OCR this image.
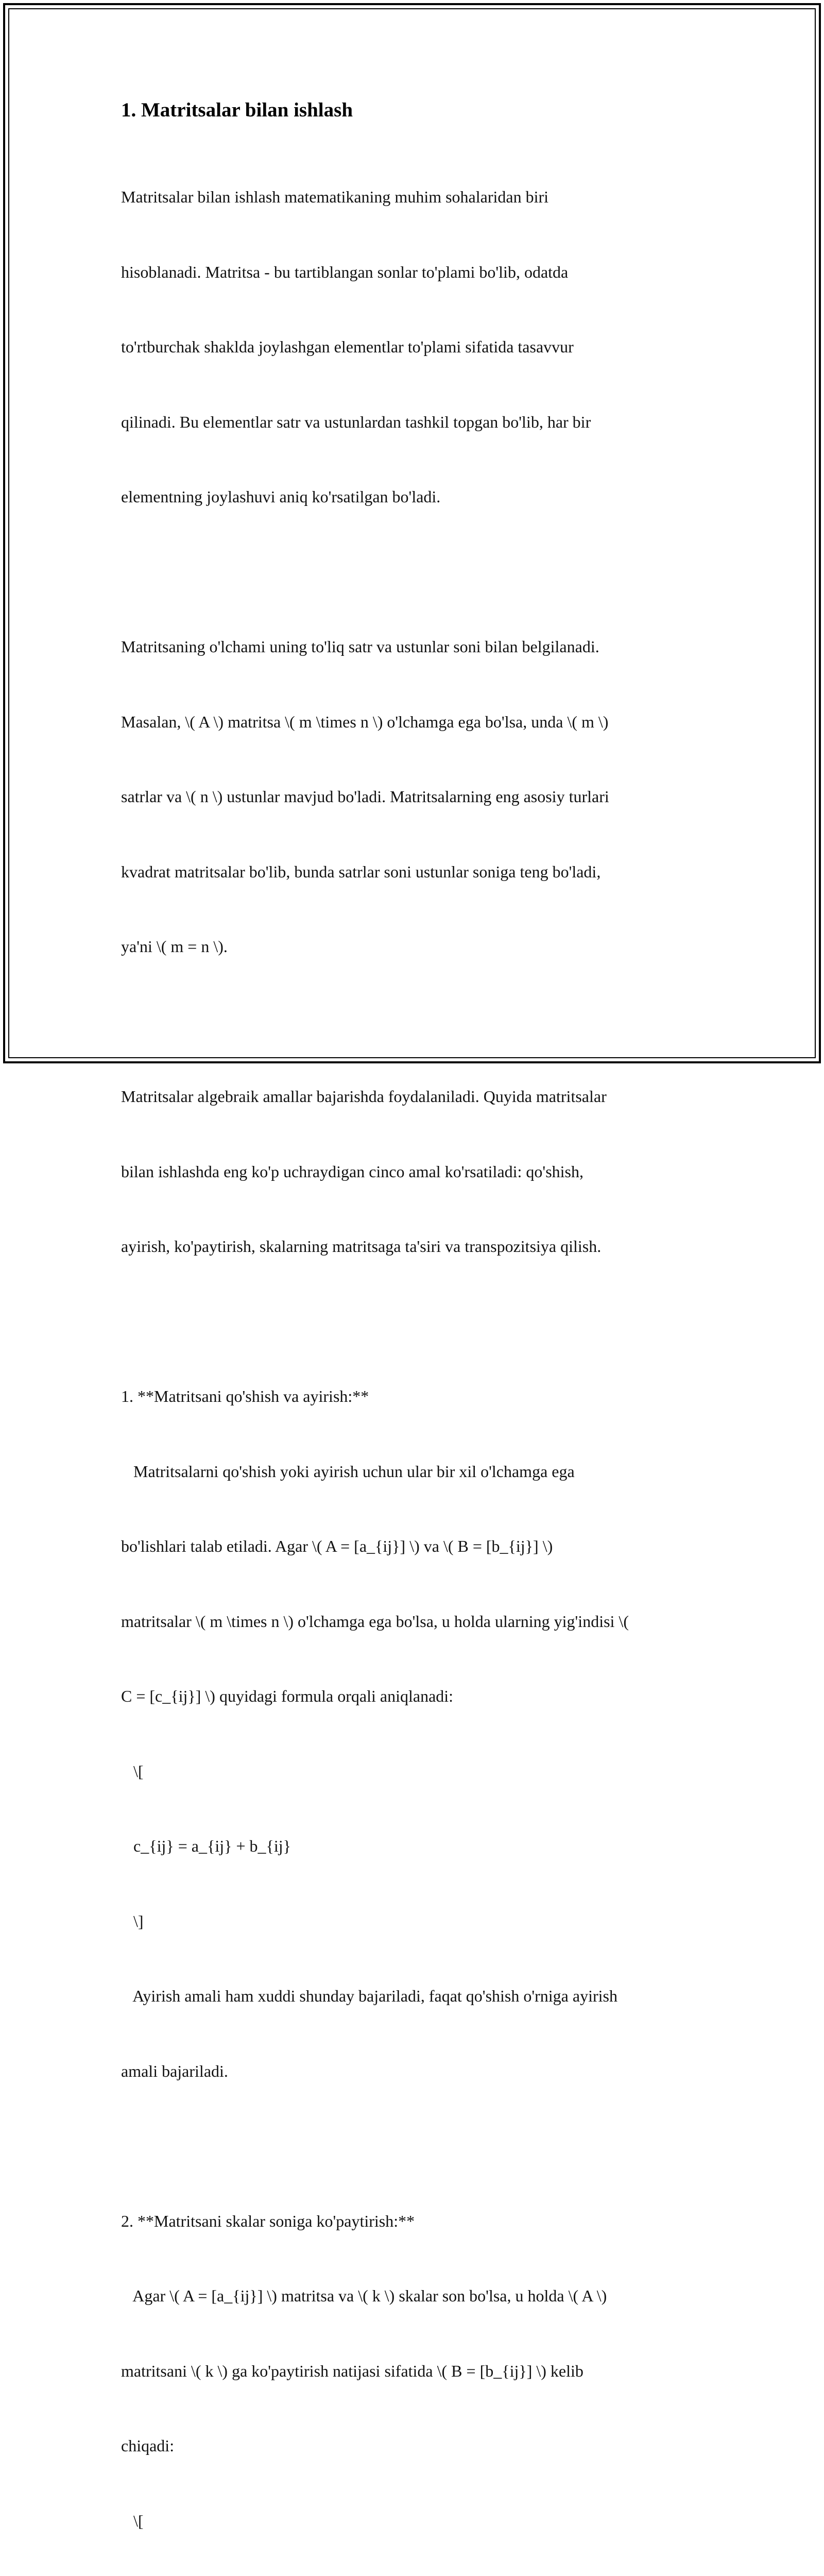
1. Matritsalar bilan ishlash

Matritsalar bilan ishlash matematikaning muhim sohalaridan biri

hisoblanadi. Matritsa - bu tartiblangan sonlar to'plami bo'lib, odatda

to'rtburchak shaklda joylashgan elementlar to'plami sifatida tasavvur

qilinadi. Bu elementlar satr va ustunlardan tashkil topgan bo'lib, har bir

elementning joylashuvi aniq ko'rsatilgan bo'ladi.

Matritsaning o'lchami uning to'liq satr va ustunlar soni bilan belgilanadi.

Masalan, \( A \) matritsa \( m \times n \) o'lchamga ega bo'lsa, unda \( m \)

satrlar va \( n \) ustunlar mavjud bo'ladi. Matritsalarning eng asosiy turlari

kvadrat matritsalar bo'lib, bunda satrlar soni ustunlar soniga teng bo'ladi,

ya'ni \( m = n \).

Matritsalar algebraik amallar bajarishda foydalaniladi. Quyida matritsalar

bilan ishlashda eng ko'p uchraydigan cinco amal ko'rsatiladi: qo'shish,

ayirish, ko'paytirish, skalarning matritsaga ta'siri va transpozitsiya qilish.

1. **Matritsani qo'shish va ayirish:**

Matritsalarni qo'shish yoki ayirish uchun ular bir xil o'lchamga ega

bo'lishlari talab etiladi. Agar \( A = [a_{ij}] \) va \( B = [b_{ij}] \)

matritsalar \( m \times n \) o'lchamga ega bo'lsa, u holda ularning yig'indisi \(

C = [c_{ij}] \) quyidagi formula orqali aniqlanadi:

\[

c_{ij} = a_{ij} + b_{ij}

\]

Ayirish amali ham xuddi shunday bajariladi, faqat qo'shish o'rniga ayirish

amali bajariladi.

2. **Matritsani skalar soniga ko'paytirish:**

Agar \( A = [a_{ij}] \) matritsa va \( k \) skalar son bo'lsa, u holda \( A \)

matritsani \( k \) ga ko'paytirish natijasi sifatida \( B = [b_{ij}] \) kelib

chiqadi:

\[
